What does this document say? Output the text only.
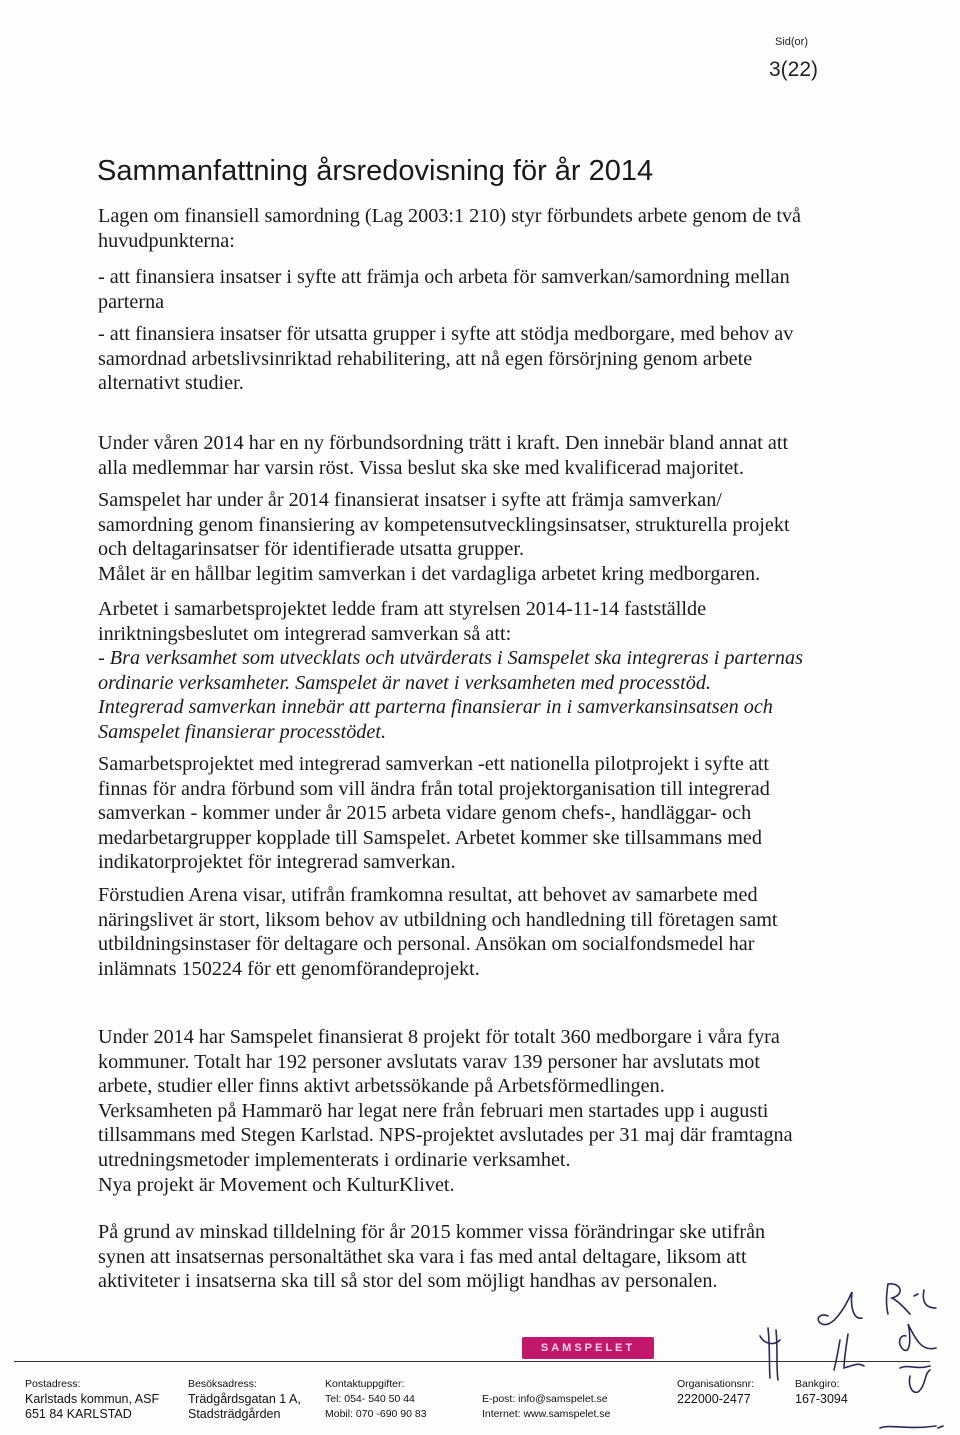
Sid(or)
3(22)
Sammanfattning årsredovisning för år 2014

Lagen om finansiell samordning (Lag 2003:1 210) styr förbundets arbete genom de två
huvudpunkterna:

- att finansiera insatser i syfte att främja och arbeta för samverkan/samordning mellan
parterna

- att finansiera insatser för utsatta grupper i syfte att stödja medborgare, med behov av
samordnad arbetslivsinriktad rehabilitering, att nå egen försörjning genom arbete
alternativt studier.

Under våren 2014 har en ny förbundsordning trätt i kraft. Den innebär bland annat att
alla medlemmar har varsin röst. Vissa beslut ska ske med kvalificerad majoritet.

Samspelet har under år 2014 finansierat insatser i syfte att främja samverkan/
samordning genom finansiering av kompetensutvecklingsinsatser, strukturella projekt
och deltagarinsatser för identifierade utsatta grupper.
Målet är en hållbar legitim samverkan i det vardagliga arbetet kring medborgaren.

Arbetet i samarbetsprojektet ledde fram att styrelsen 2014-11-14 fastställde
inriktningsbeslutet om integrerad samverkan så att:

- Bra verksamhet som utvecklats och utvärderats i Samspelet ska integreras i parternas
ordinarie verksamheter. Samspelet är navet i verksamheten med processtöd.
Integrerad samverkan innebär att parterna finansierar in i samverkansinsatsen och
Samspelet finansierar processtödet.

Samarbetsprojektet med integrerad samverkan -ett nationella pilotprojekt i syfte att
finnas för andra förbund som vill ändra från total projektorganisation till integrerad
samverkan - kommer under år 2015 arbeta vidare genom chefs-, handläggar- och
medarbetargrupper kopplade till Samspelet. Arbetet kommer ske tillsammans med
indikatorprojektet för integrerad samverkan.

Förstudien Arena visar, utifrån framkomna resultat, att behovet av samarbete med
näringslivet är stort, liksom behov av utbildning och handledning till företagen samt
utbildningsinstaser för deltagare och personal. Ansökan om socialfondsmedel har
inlämnats 150224 för ett genomförandeprojekt.

Under 2014 har Samspelet finansierat 8 projekt för totalt 360 medborgare i våra fyra
kommuner. Totalt har 192 personer avslutats varav 139 personer har avslutats mot
arbete, studier eller finns aktivt arbetssökande på Arbetsförmedlingen.
Verksamheten på Hammarö har legat nere från februari men startades upp i augusti
tillsammans med Stegen Karlstad. NPS-projektet avslutades per 31 maj där framtagna
utredningsmetoder implementerats i ordinarie verksamhet.
Nya projekt är Movement och KulturKlivet.

På grund av minskad tilldelning för år 2015 kommer vissa förändringar ske utifrån
synen att insatsernas personaltäthet ska vara i fas med antal deltagare, liksom att
aktiviteter i insatserna ska till så stor del som möjligt handhas av personalen.

SAMSPELET
Postadress:
Karlstads kommun, ASF
651 84 KARLSTAD
Besöksadress:
Trädgårdsgatan 1 A,
Stadsträdgården
Kontaktuppgifter:
Tel: 054- 540 50 44
Mobil: 070 -690 90 83

E-post: info@samspelet.se
Internet: www.samspelet.se
Organisationsnr:
222000-2477
Bankgiro:
167-3094
